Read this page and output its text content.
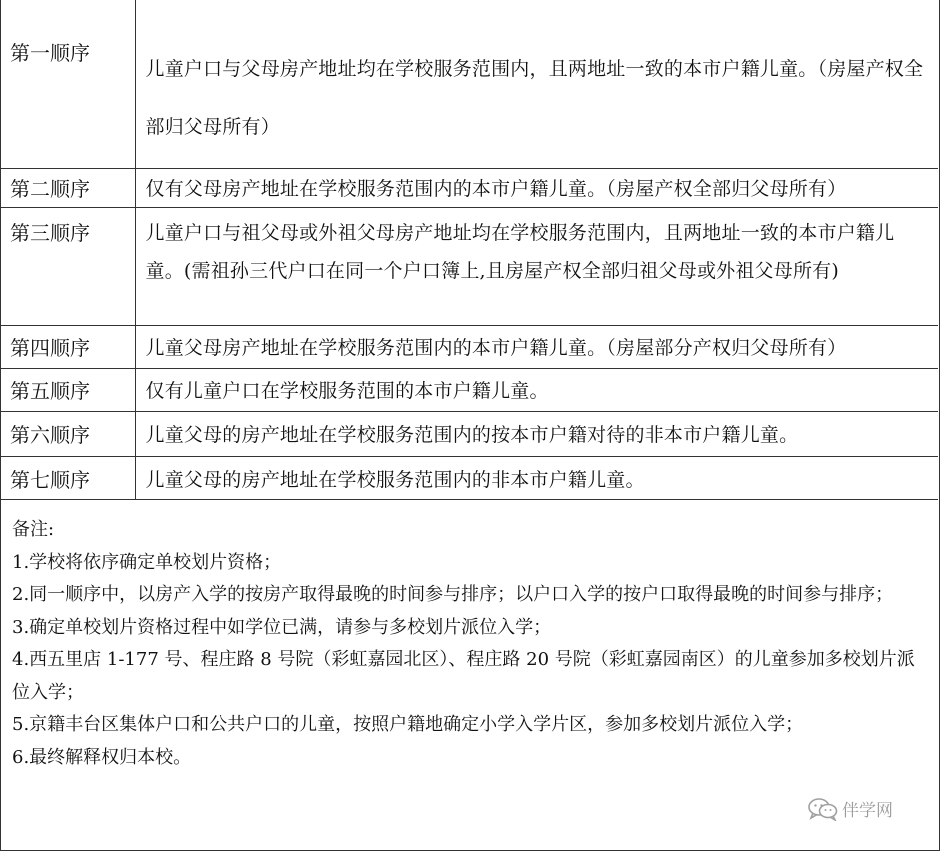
第一顺序	儿童户口与父母房产地址均在学校服务范围内，且两地址一致的本市户籍儿童。（房屋产权全部归父母所有）

第二顺序	仅有父母房产地址在学校服务范围内的本市户籍儿童。（房屋产权全部归父母所有）

第三顺序	儿童户口与祖父母或外祖父母房产地址均在学校服务范围内，且两地址一致的本市户籍儿童。(需祖孙三代户口在同一个户口簿上,且房屋产权全部归祖父母或外祖父母所有)

第四顺序	儿童父母房产地址在学校服务范围内的本市户籍儿童。（房屋部分产权归父母所有）

第五顺序	仅有儿童户口在学校服务范围的本市户籍儿童。

第六顺序	儿童父母的房产地址在学校服务范围内的按本市户籍对待的非本市户籍儿童。

第七顺序	儿童父母的房产地址在学校服务范围内的非本市户籍儿童。
备注:
1.学校将依序确定单校划片资格；
2.同一顺序中，以房产入学的按房产取得最晚的时间参与排序；以户口入学的按户口取得最晚的时间参与排序；
3.确定单校划片资格过程中如学位已满，请参与多校划片派位入学；
4.西五里店 1-177 号、程庄路 8 号院（彩虹嘉园北区）、程庄路 20 号院（彩虹嘉园南区）的儿童参加多校划片派位入学；
5.京籍丰台区集体户口和公共户口的儿童，按照户籍地确定小学入学片区，参加多校划片派位入学；
6.最终解释权归本校。
伴学网
